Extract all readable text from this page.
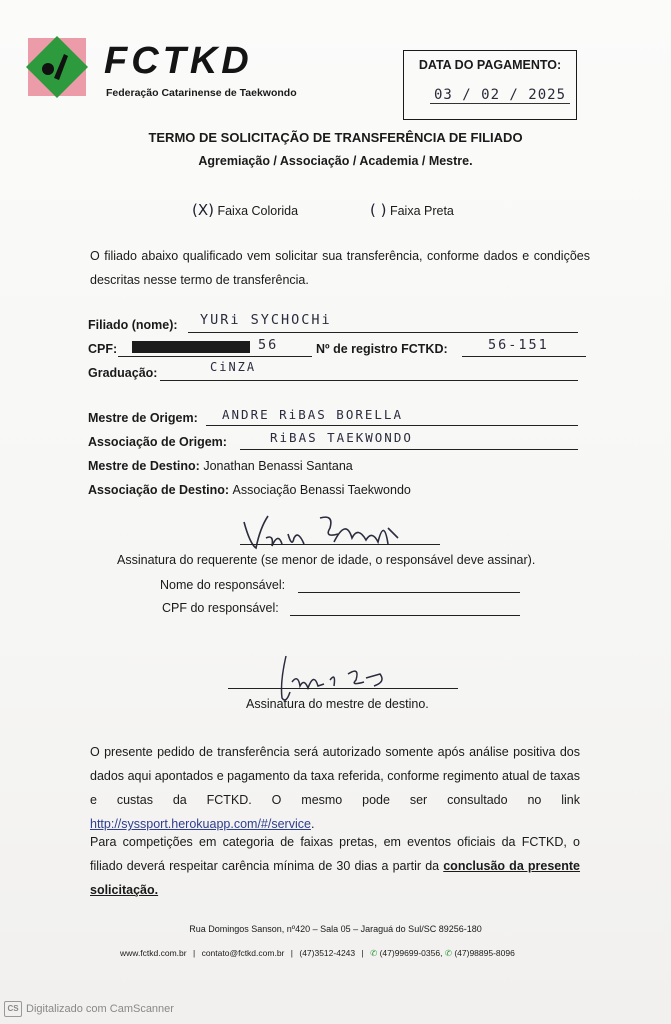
FCTKD
Federação Catarinense de Taekwondo
DATA DO PAGAMENTO:
03 / 02 / 2025
TERMO DE SOLICITAÇÃO DE TRANSFERÊNCIA DE FILIADO
Agremiação / Associação / Academia / Mestre.
(X) Faixa Colorida	( ) Faixa Preta
O filiado abaixo qualificado vem solicitar sua transferência, conforme dados e condições descritas nesse termo de transferência.
Filiado (nome): YURi SYCHOCHi
CPF:	56	Nº de registro FCTKD:	56-151
Graduação:	CiNZA
Mestre de Origem: ANDRE RiBAS BORELLA
Associação de Origem:	RiBAS TAEKWONDO
Mestre de Destino: Jonathan Benassi Santana
Associação de Destino: Associação Benassi Taekwondo
Assinatura do requerente (se menor de idade, o responsável deve assinar).
Nome do responsável:
CPF do responsável:
Assinatura do mestre de destino.
O presente pedido de transferência será autorizado somente após análise positiva dos dados aqui apontados e pagamento da taxa referida, conforme regimento atual de taxas e custas da FCTKD. O mesmo pode ser consultado no link http://syssport.herokuapp.com/#/service.
Para competições em categoria de faixas pretas, em eventos oficiais da FCTKD, o filiado deverá respeitar carência mínima de 30 dias a partir da conclusão da presente solicitação.
Rua Domingos Sanson, nº420 – Sala 05 – Jaraguá do Sul/SC 89256-180
www.fctkd.com.br | contato@fctkd.com.br | (47)3512-4243 | ✆ (47)99699-0356, ✆ (47)98895-8096
CS Digitalizado com CamScanner
